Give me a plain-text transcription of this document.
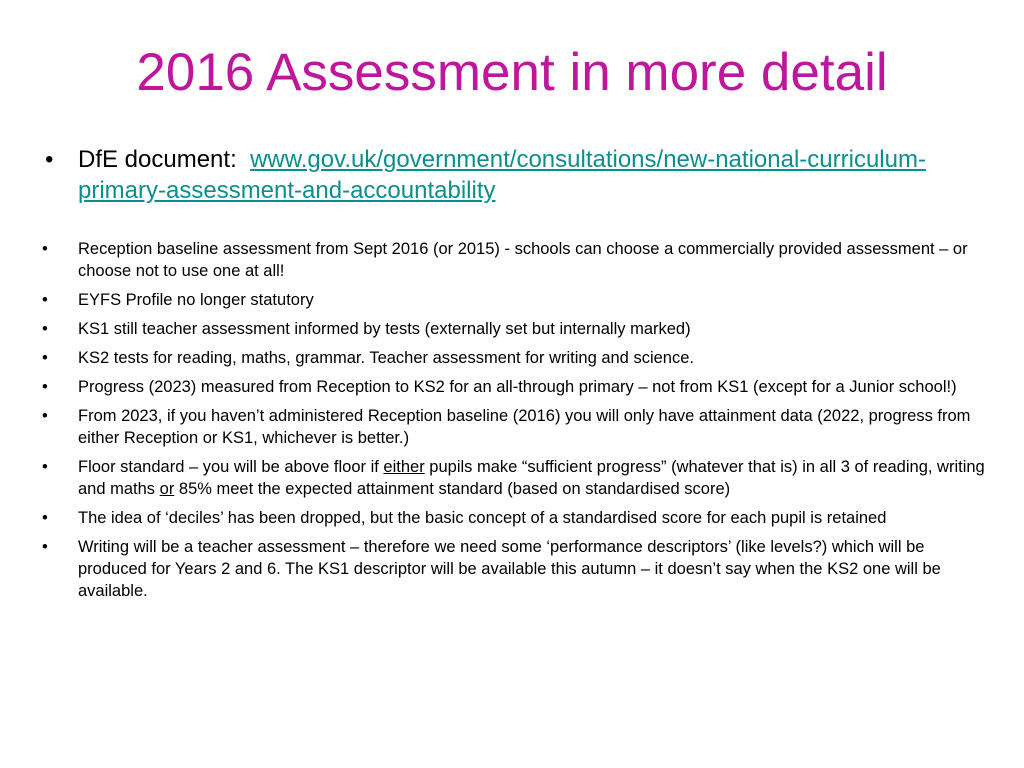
2016 Assessment in more detail
• DfE document: www.gov.uk/government/consultations/new-national-curriculum-primary-assessment-and-accountability
• Reception baseline assessment from Sept 2016 (or 2015) - schools can choose a commercially provided assessment – or choose not to use one at all!
• EYFS Profile no longer statutory
• KS1 still teacher assessment informed by tests (externally set but internally marked)
• KS2 tests for reading, maths, grammar. Teacher assessment for writing and science.
• Progress (2023) measured from Reception to KS2 for an all-through primary – not from KS1 (except for a Junior school!)
• From 2023, if you haven’t administered Reception baseline (2016) you will only have attainment data (2022, progress from either Reception or KS1, whichever is better.)
• Floor standard – you will be above floor if either pupils make “sufficient progress” (whatever that is) in all 3 of reading, writing and maths or 85% meet the expected attainment standard (based on standardised score)
• The idea of ‘deciles’ has been dropped, but the basic concept of a standardised score for each pupil is retained
• Writing will be a teacher assessment – therefore we need some ‘performance descriptors’ (like levels?) which will be produced for Years 2 and 6. The KS1 descriptor will be available this autumn – it doesn’t say when the KS2 one will be available.
